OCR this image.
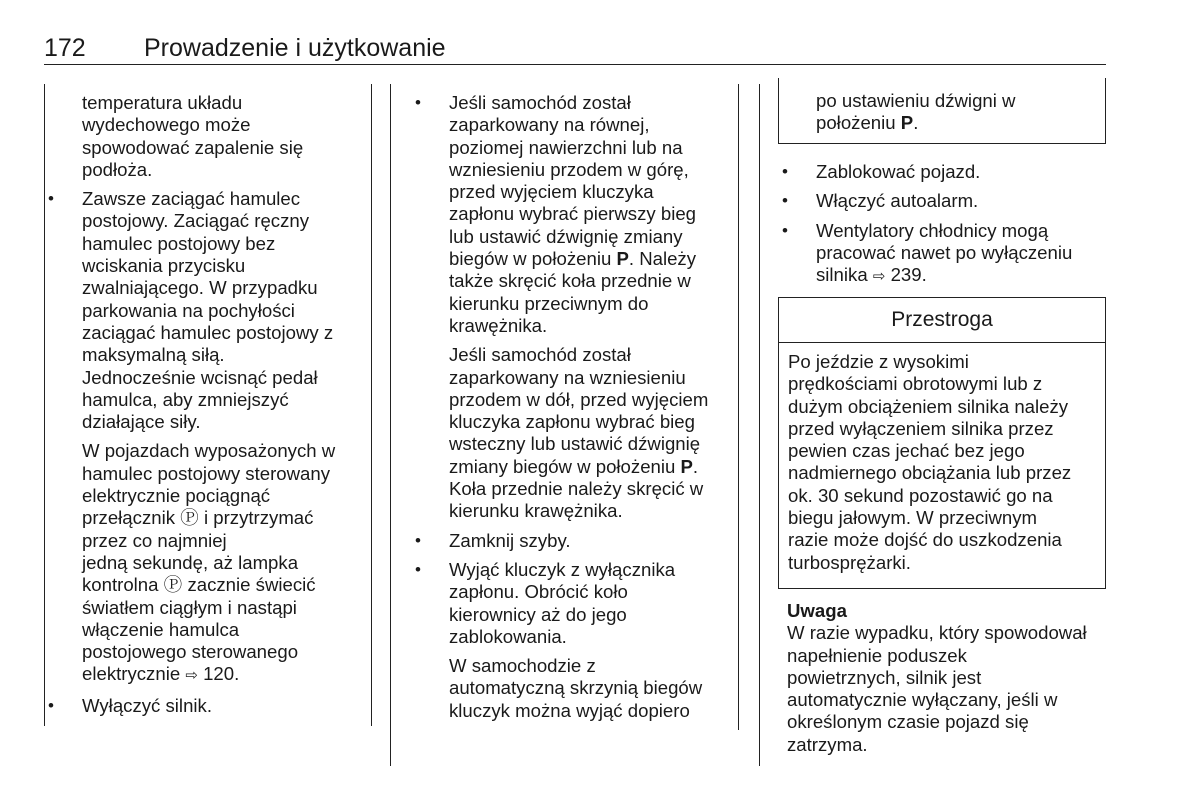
172 Prowadzenie i użytkowanie
temperatura układu
wydechowego może
spowodować zapalenie się
podłoża.
• Zawsze zaciągać hamulec
postojowy. Zaciągać ręczny
hamulec postojowy bez
wciskania przycisku
zwalniającego. W przypadku
parkowania na pochyłości
zaciągać hamulec postojowy z
maksymalną siłą.
Jednocześnie wcisnąć pedał
hamulca, aby zmniejszyć
działające siły.
W pojazdach wyposażonych w
hamulec postojowy sterowany
elektrycznie pociągnąć
przełącznik Ⓟ i przytrzymać
przez co najmniej
jedną sekundę, aż lampka
kontrolna Ⓟ zacznie świecić
światłem ciągłym i nastąpi
włączenie hamulca
postojowego sterowanego
elektrycznie ⇨ 120.
• Wyłączyć silnik.
• Jeśli samochód został
zaparkowany na równej,
poziomej nawierzchni lub na
wzniesieniu przodem w górę,
przed wyjęciem kluczyka
zapłonu wybrać pierwszy bieg
lub ustawić dźwignię zmiany
biegów w położeniu P. Należy
także skręcić koła przednie w
kierunku przeciwnym do
krawężnika.
Jeśli samochód został
zaparkowany na wzniesieniu
przodem w dół, przed wyjęciem
kluczyka zapłonu wybrać bieg
wsteczny lub ustawić dźwignię
zmiany biegów w położeniu P.
Koła przednie należy skręcić w
kierunku krawężnika.
• Zamknij szyby.
• Wyjąć kluczyk z wyłącznika
zapłonu. Obrócić koło
kierownicy aż do jego
zablokowania.
W samochodzie z
automatyczną skrzynią biegów
kluczyk można wyjąć dopiero
po ustawieniu dźwigni w
położeniu P.
• Zablokować pojazd.
• Włączyć autoalarm.
• Wentylatory chłodnicy mogą
pracować nawet po wyłączeniu
silnika ⇨ 239.
Przestroga
Po jeździe z wysokimi
prędkościami obrotowymi lub z
dużym obciążeniem silnika należy
przed wyłączeniem silnika przez
pewien czas jechać bez jego
nadmiernego obciążania lub przez
ok. 30 sekund pozostawić go na
biegu jałowym. W przeciwnym
razie może dojść do uszkodzenia
turbosprężarki.
Uwaga
W razie wypadku, który spowodował
napełnienie poduszek
powietrznych, silnik jest
automatycznie wyłączany, jeśli w
określonym czasie pojazd się
zatrzyma.
